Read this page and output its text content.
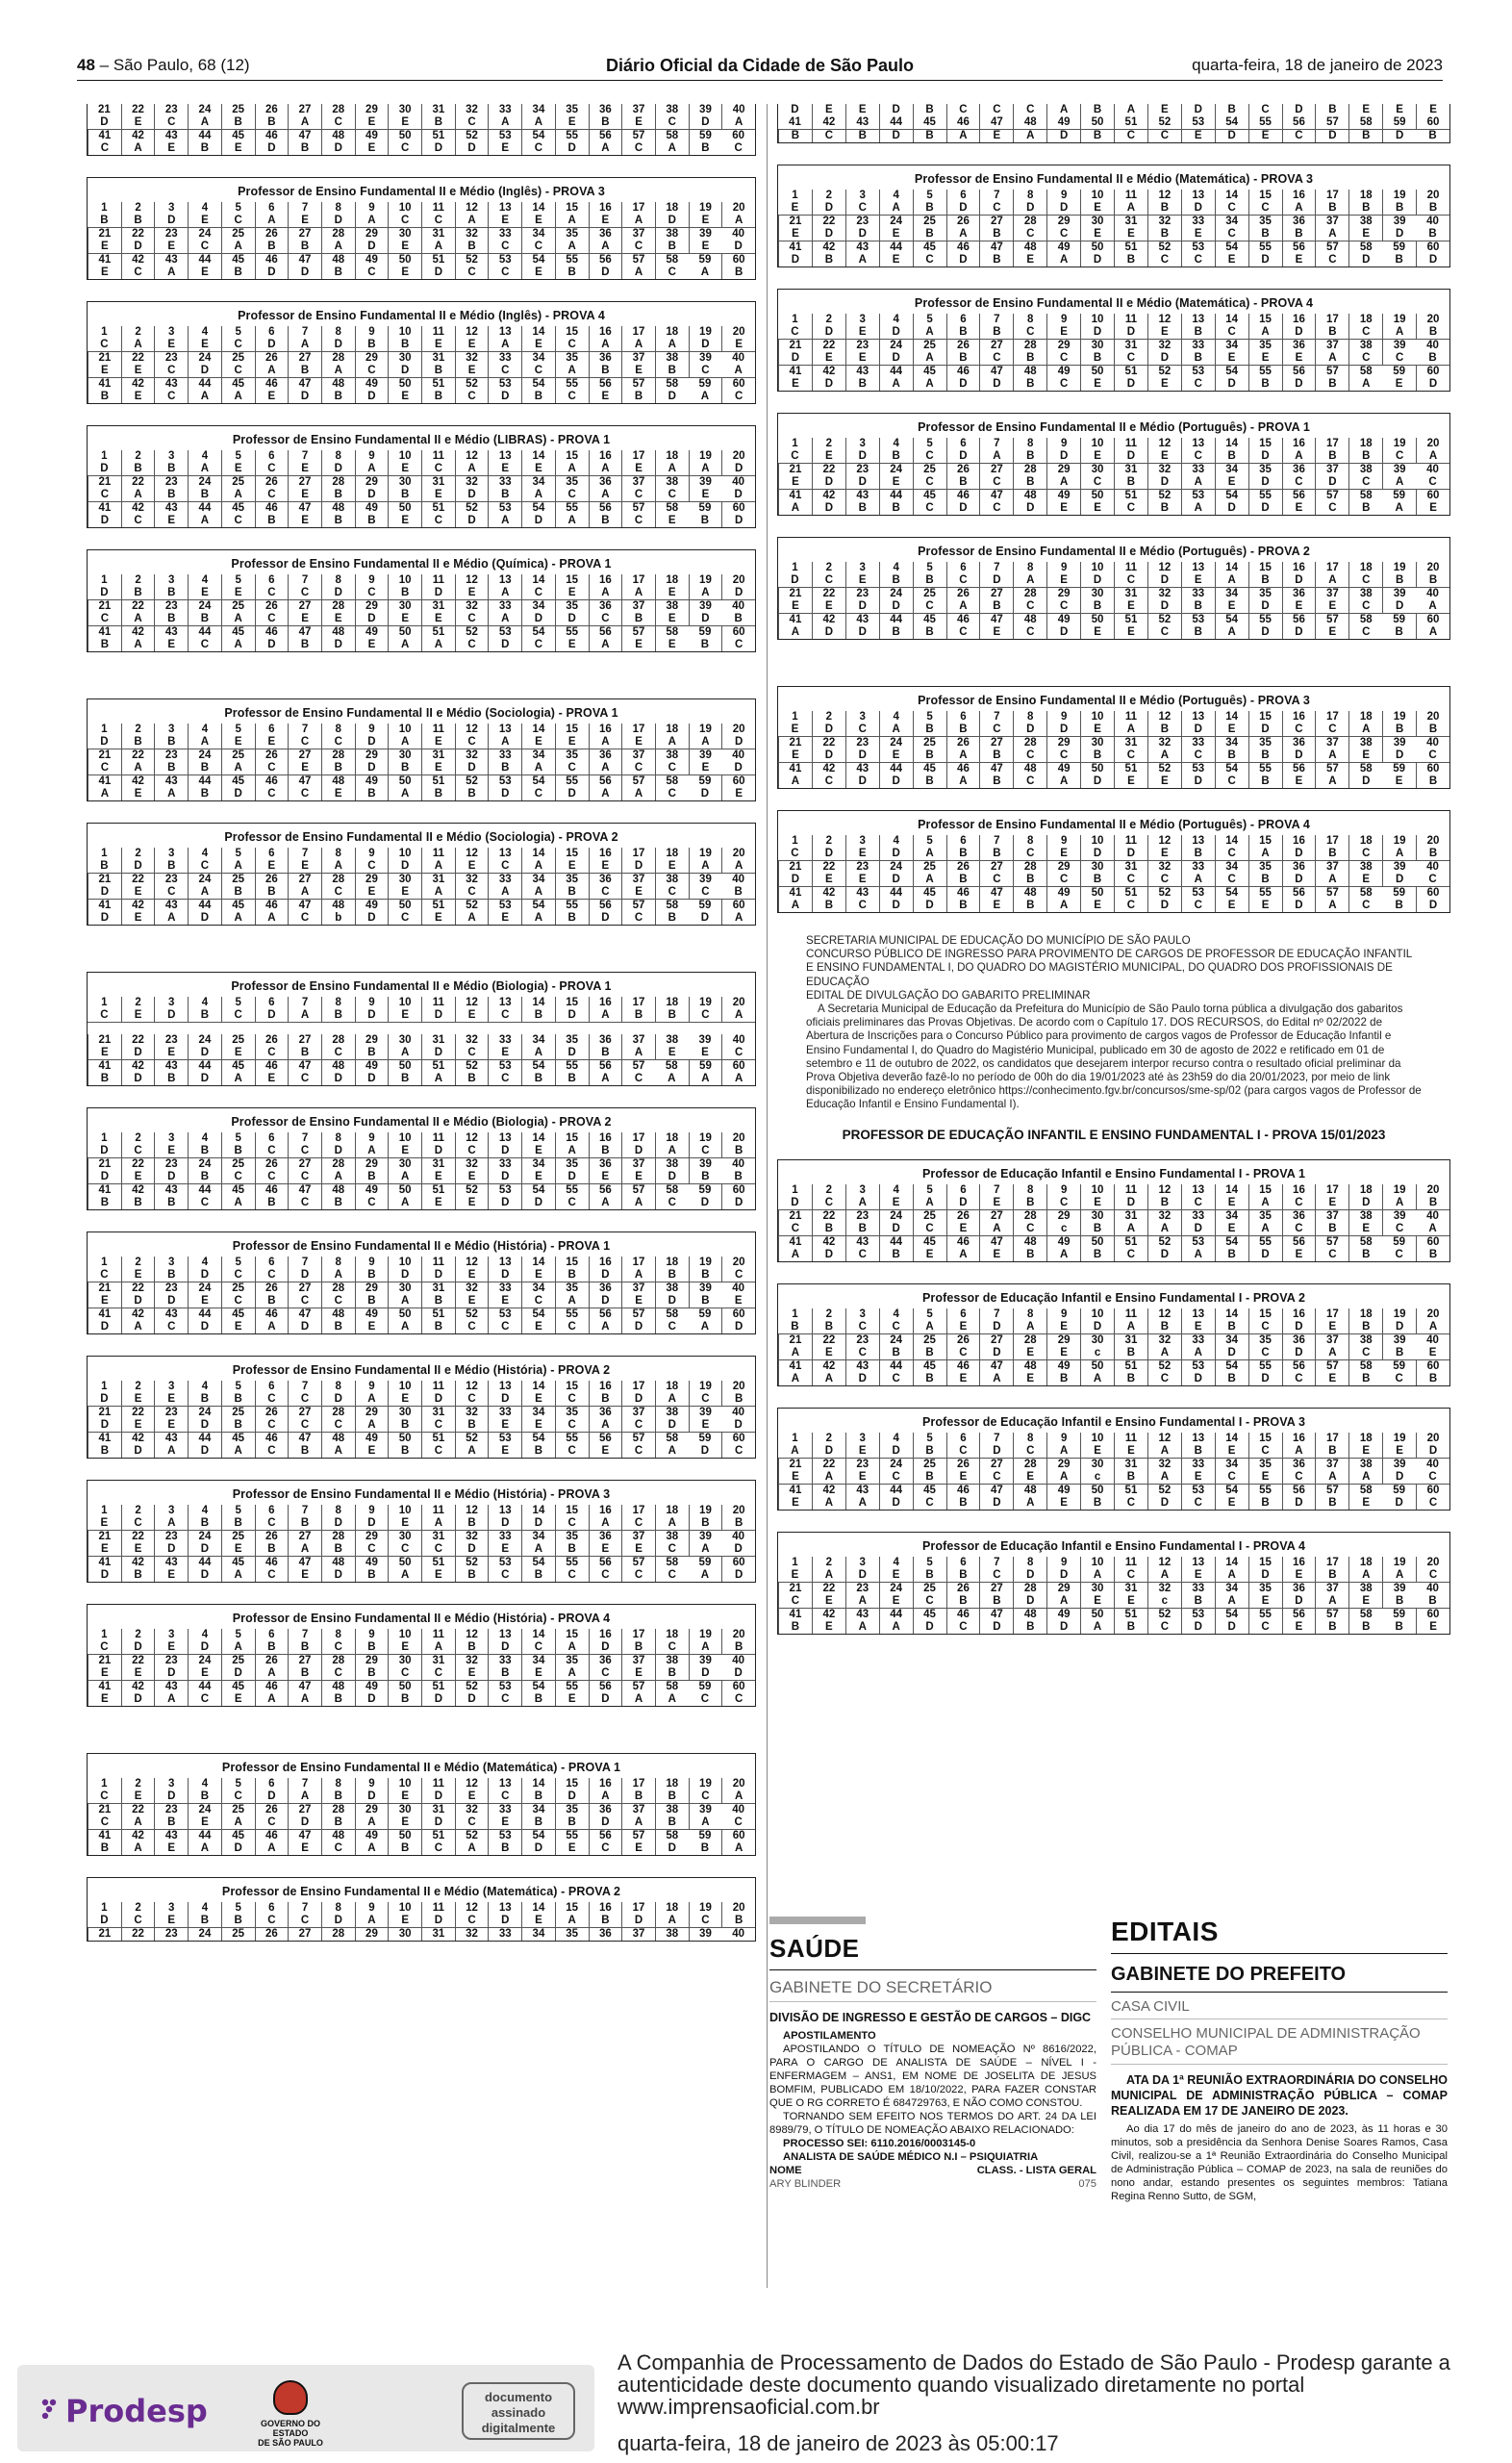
48 – São Paulo, 68 (12)	Diário Oficial da Cidade de São Paulo	quarta-feira, 18 de janeiro de 2023
21	22	23	24	25	26	27	28	29	30	31	32	33	34	35	36	37	38	39	40
D	E	C	A	B	B	A	C	E	E	B	C	A	A	E	B	E	C	D	A
41	42	43	44	45	46	47	48	49	50	51	52	53	54	55	56	57	58	59	60
C	A	E	B	E	D	B	D	E	C	D	D	E	C	D	A	C	A	B	C
Professor de Ensino Fundamental II e Médio (Inglês) - PROVA 3
1	2	3	4	5	6	7	8	9	10	11	12	13	14	15	16	17	18	19	20
B	B	D	E	C	A	E	D	A	C	C	A	E	E	A	E	A	D	E	A
21	22	23	24	25	26	27	28	29	30	31	32	33	34	35	36	37	38	39	40
E	D	E	C	A	B	B	A	D	E	A	B	C	C	A	A	C	B	E	D
41	42	43	44	45	46	47	48	49	50	51	52	53	54	55	56	57	58	59	60
E	C	A	E	B	D	D	B	C	E	D	C	C	E	B	D	A	C	A	B
Professor de Ensino Fundamental II e Médio (Inglês) - PROVA 4
1	2	3	4	5	6	7	8	9	10	11	12	13	14	15	16	17	18	19	20
C	A	E	E	C	D	A	D	B	B	E	E	A	E	C	A	A	A	D	E
21	22	23	24	25	26	27	28	29	30	31	32	33	34	35	36	37	38	39	40
E	E	C	D	C	A	B	A	C	D	B	E	C	C	A	B	E	B	C	A
41	42	43	44	45	46	47	48	49	50	51	52	53	54	55	56	57	58	59	60
B	E	C	A	A	E	D	B	D	E	B	C	D	B	C	E	B	D	A	C
Professor de Ensino Fundamental II e Médio (LIBRAS) - PROVA 1
1	2	3	4	5	6	7	8	9	10	11	12	13	14	15	16	17	18	19	20
D	B	B	A	E	C	E	D	A	E	C	A	E	E	A	A	E	A	A	D
21	22	23	24	25	26	27	28	29	30	31	32	33	34	35	36	37	38	39	40
C	A	B	B	A	C	E	B	D	B	E	D	B	A	C	A	C	C	E	D
41	42	43	44	45	46	47	48	49	50	51	52	53	54	55	56	57	58	59	60
D	C	E	A	C	B	E	B	B	E	C	D	A	D	A	B	C	E	B	D
Professor de Ensino Fundamental II e Médio (Química) - PROVA 1
1	2	3	4	5	6	7	8	9	10	11	12	13	14	15	16	17	18	19	20
D	B	B	E	E	C	C	D	C	B	D	E	A	C	E	A	A	E	A	D
21	22	23	24	25	26	27	28	29	30	31	32	33	34	35	36	37	38	39	40
C	A	B	B	A	C	E	E	D	E	E	C	A	D	D	C	B	E	D	B
41	42	43	44	45	46	47	48	49	50	51	52	53	54	55	56	57	58	59	60
B	A	E	C	A	D	B	D	E	A	A	C	D	C	E	A	E	E	B	C
Professor de Ensino Fundamental II e Médio (Sociologia) - PROVA 1
1	2	3	4	5	6	7	8	9	10	11	12	13	14	15	16	17	18	19	20
D	B	B	A	E	E	C	C	D	A	E	C	A	E	E	A	E	A	A	D
21	22	23	24	25	26	27	28	29	30	31	32	33	34	35	36	37	38	39	40
C	A	B	B	A	C	E	B	D	B	E	D	B	A	C	A	C	C	E	D
41	42	43	44	45	46	47	48	49	50	51	52	53	54	55	56	57	58	59	60
A	E	A	B	D	C	C	E	B	A	B	B	D	C	D	A	A	C	D	E
Professor de Ensino Fundamental II e Médio (Sociologia) - PROVA 2
1	2	3	4	5	6	7	8	9	10	11	12	13	14	15	16	17	18	19	20
B	D	B	C	A	E	E	A	C	D	A	E	C	A	E	E	D	E	A	A
21	22	23	24	25	26	27	28	29	30	31	32	33	34	35	36	37	38	39	40
D	E	C	A	B	B	A	C	E	E	A	C	A	A	B	C	E	C	C	B
41	42	43	44	45	46	47	48	49	50	51	52	53	54	55	56	57	58	59	60
D	E	A	D	A	A	C	b	D	C	E	A	E	A	B	D	C	B	D	A
Professor de Ensino Fundamental II e Médio (Biologia) - PROVA 1
1	2	3	4	5	6	7	8	9	10	11	12	13	14	15	16	17	18	19	20
C	E	D	B	C	D	A	B	D	E	D	E	C	B	D	A	B	B	C	A
21	22	23	24	25	26	27	28	29	30	31	32	33	34	35	36	37	38	39	40
E	D	E	D	E	C	B	C	B	A	D	C	E	A	D	B	A	E	E	C
41	42	43	44	45	46	47	48	49	50	51	52	53	54	55	56	57	58	59	60
B	D	B	D	A	E	C	D	D	B	A	B	C	B	B	A	C	A	A	A
Professor de Ensino Fundamental II e Médio (Biologia) - PROVA 2
1	2	3	4	5	6	7	8	9	10	11	12	13	14	15	16	17	18	19	20
D	C	E	B	B	C	C	D	A	E	D	C	D	E	A	B	D	A	C	B
21	22	23	24	25	26	27	28	29	30	31	32	33	34	35	36	37	38	39	40
D	E	D	B	C	C	C	A	B	A	E	E	D	E	D	E	E	D	B	B
41	42	43	44	45	46	47	48	49	50	51	52	53	54	55	56	57	58	59	60
B	B	B	C	A	B	C	B	C	A	E	E	D	D	C	A	A	C	D	D
Professor de Ensino Fundamental II e Médio (História) - PROVA 1
1	2	3	4	5	6	7	8	9	10	11	12	13	14	15	16	17	18	19	20
C	E	B	D	C	C	D	A	B	D	D	E	D	E	B	D	A	B	B	C
21	22	23	24	25	26	27	28	29	30	31	32	33	34	35	36	37	38	39	40
E	D	D	E	C	B	C	C	B	A	B	E	E	C	A	D	E	D	B	E
41	42	43	44	45	46	47	48	49	50	51	52	53	54	55	56	57	58	59	60
D	A	C	D	E	A	D	B	E	A	B	C	C	E	C	A	D	C	A	D
Professor de Ensino Fundamental II e Médio (História) - PROVA 2
1	2	3	4	5	6	7	8	9	10	11	12	13	14	15	16	17	18	19	20
D	E	E	B	B	C	C	D	A	E	D	C	D	E	C	B	D	A	C	B
21	22	23	24	25	26	27	28	29	30	31	32	33	34	35	36	37	38	39	40
D	E	E	D	B	C	C	C	A	B	C	B	E	E	C	A	C	D	E	D
41	42	43	44	45	46	47	48	49	50	51	52	53	54	55	56	57	58	59	60
B	D	A	D	A	C	B	A	E	B	C	A	E	B	C	E	C	A	D	C
Professor de Ensino Fundamental II e Médio (História) - PROVA 3
1	2	3	4	5	6	7	8	9	10	11	12	13	14	15	16	17	18	19	20
E	C	A	B	B	C	B	D	D	E	A	B	D	D	C	A	C	A	B	B
21	22	23	24	25	26	27	28	29	30	31	32	33	34	35	36	37	38	39	40
E	E	D	D	E	B	A	B	C	C	C	D	E	A	B	E	E	C	A	D
41	42	43	44	45	46	47	48	49	50	51	52	53	54	55	56	57	58	59	60
D	B	E	D	A	C	E	D	B	A	E	B	C	B	C	C	C	C	A	D
Professor de Ensino Fundamental II e Médio (História) - PROVA 4
1	2	3	4	5	6	7	8	9	10	11	12	13	14	15	16	17	18	19	20
C	D	E	D	A	B	B	C	B	E	A	B	D	C	A	D	B	C	A	B
21	22	23	24	25	26	27	28	29	30	31	32	33	34	35	36	37	38	39	40
E	E	D	E	D	A	B	C	B	C	C	E	B	E	A	C	E	B	D	D
41	42	43	44	45	46	47	48	49	50	51	52	53	54	55	56	57	58	59	60
E	D	A	C	E	A	A	B	D	B	D	D	C	B	E	D	A	A	C	C
Professor de Ensino Fundamental II e Médio (Matemática) - PROVA 1
1	2	3	4	5	6	7	8	9	10	11	12	13	14	15	16	17	18	19	20
C	E	D	B	C	D	A	B	D	E	D	E	C	B	D	A	B	B	C	A
21	22	23	24	25	26	27	28	29	30	31	32	33	34	35	36	37	38	39	40
C	A	B	E	A	C	D	B	A	E	D	C	E	B	B	D	A	B	A	C
41	42	43	44	45	46	47	48	49	50	51	52	53	54	55	56	57	58	59	60
B	A	E	A	D	A	E	C	A	B	C	A	B	D	E	C	E	D	B	A
Professor de Ensino Fundamental II e Médio (Matemática) - PROVA 2
1	2	3	4	5	6	7	8	9	10	11	12	13	14	15	16	17	18	19	20
D	C	E	B	B	C	C	D	A	E	D	C	D	E	A	B	D	A	C	B
21	22	23	24	25	26	27	28	29	30	31	32	33	34	35	36	37	38	39	40
D	E	E	D	B	C	C	C	A	B	A	E	D	B	C	D	B	E	E	E
41	42	43	44	45	46	47	48	49	50	51	52	53	54	55	56	57	58	59	60
B	C	B	D	B	A	E	A	D	B	C	C	E	D	E	C	D	B	D	B
Professor de Ensino Fundamental II e Médio (Matemática) - PROVA 3
1	2	3	4	5	6	7	8	9	10	11	12	13	14	15	16	17	18	19	20
E	D	C	A	B	D	C	D	D	E	A	B	D	C	C	A	B	B	B	B
21	22	23	24	25	26	27	28	29	30	31	32	33	34	35	36	37	38	39	40
E	D	D	E	B	A	B	C	C	E	E	B	E	C	B	B	A	E	D	B
41	42	43	44	45	46	47	48	49	50	51	52	53	54	55	56	57	58	59	60
D	B	A	E	C	D	B	E	A	D	B	C	C	E	D	E	C	D	B	D
Professor de Ensino Fundamental II e Médio (Matemática) - PROVA 4
1	2	3	4	5	6	7	8	9	10	11	12	13	14	15	16	17	18	19	20
C	D	E	D	A	B	B	C	E	D	D	E	B	C	A	D	B	C	A	B
21	22	23	24	25	26	27	28	29	30	31	32	33	34	35	36	37	38	39	40
D	E	E	D	A	B	C	B	C	B	C	D	B	E	E	E	A	C	C	B
41	42	43	44	45	46	47	48	49	50	51	52	53	54	55	56	57	58	59	60
E	D	B	A	A	D	D	B	C	E	D	E	C	D	B	D	B	A	E	D
Professor de Ensino Fundamental II e Médio (Português) - PROVA 1
1	2	3	4	5	6	7	8	9	10	11	12	13	14	15	16	17	18	19	20
C	E	D	B	C	D	A	B	D	E	D	E	C	B	D	A	B	B	C	A
21	22	23	24	25	26	27	28	29	30	31	32	33	34	35	36	37	38	39	40
E	D	D	E	C	B	C	B	A	C	B	D	A	E	D	C	D	C	A	C
41	42	43	44	45	46	47	48	49	50	51	52	53	54	55	56	57	58	59	60
A	D	B	B	C	D	C	D	E	E	C	B	A	D	D	E	C	B	A	E
Professor de Ensino Fundamental II e Médio (Português) - PROVA 2
1	2	3	4	5	6	7	8	9	10	11	12	13	14	15	16	17	18	19	20
D	C	E	B	B	C	D	A	E	D	C	D	E	A	B	D	A	C	B	B
21	22	23	24	25	26	27	28	29	30	31	32	33	34	35	36	37	38	39	40
E	E	D	D	C	A	B	C	C	B	E	D	B	E	D	E	E	C	D	A
41	42	43	44	45	46	47	48	49	50	51	52	53	54	55	56	57	58	59	60
A	D	D	B	B	C	E	C	D	E	E	C	B	A	D	D	E	C	B	A
Professor de Ensino Fundamental II e Médio (Português) - PROVA 3
1	2	3	4	5	6	7	8	9	10	11	12	13	14	15	16	17	18	19	20
E	D	C	A	B	B	C	D	D	E	A	B	D	E	D	C	C	A	B	B
21	22	23	24	25	26	27	28	29	30	31	32	33	34	35	36	37	38	39	40
E	D	D	E	B	A	B	C	C	B	C	A	C	B	B	D	A	E	D	C
41	42	43	44	45	46	47	48	49	50	51	52	53	54	55	56	57	58	59	60
A	C	D	D	B	A	B	C	A	D	E	E	D	C	B	E	A	D	E	B
Professor de Ensino Fundamental II e Médio (Português) - PROVA 4
1	2	3	4	5	6	7	8	9	10	11	12	13	14	15	16	17	18	19	20
C	D	E	D	A	B	B	C	E	D	D	E	B	C	A	D	B	C	A	B
21	22	23	24	25	26	27	28	29	30	31	32	33	34	35	36	37	38	39	40
D	E	E	D	A	B	C	B	C	B	C	C	A	C	B	D	A	E	D	C
41	42	43	44	45	46	47	48	49	50	51	52	53	54	55	56	57	58	59	60
A	B	C	D	D	B	E	B	A	E	C	D	C	E	E	D	A	C	B	D
SECRETARIA MUNICIPAL DE EDUCAÇÃO DO MUNICÍPIO DE SÃO PAULO
CONCURSO PÚBLICO DE INGRESSO PARA PROVIMENTO DE CARGOS DE PROFESSOR DE EDUCAÇÃO INFANTIL E ENSINO FUNDAMENTAL I, DO QUADRO DO MAGISTÉRIO MUNICIPAL, DO QUADRO DOS PROFISSIONAIS DE EDUCAÇÃO
EDITAL DE DIVULGAÇÃO DO GABARITO PRELIMINAR
A Secretaria Municipal de Educação da Prefeitura do Município de São Paulo torna pública a divulgação dos gabaritos oficiais preliminares das Provas Objetivas. De acordo com o Capítulo 17. DOS RECURSOS, do Edital nº 02/2022 de Abertura de Inscrições para o Concurso Público para provimento de cargos vagos de Professor de Educação Infantil e Ensino Fundamental I, do Quadro do Magistério Municipal, publicado em 30 de agosto de 2022 e retificado em 01 de setembro e 11 de outubro de 2022, os candidatos que desejarem interpor recurso contra o resultado oficial preliminar da Prova Objetiva deverão fazê-lo no período de 00h do dia 19/01/2023 até às 23h59 do dia 20/01/2023, por meio de link disponibilizado no endereço eletrônico https://conhecimento.fgv.br/concursos/sme-sp/02 (para cargos vagos de Professor de Educação Infantil e Ensino Fundamental I).
PROFESSOR DE EDUCAÇÃO INFANTIL E ENSINO FUNDAMENTAL I - PROVA 15/01/2023
Professor de Educação Infantil e Ensino Fundamental I - PROVA 1
1	2	3	4	5	6	7	8	9	10	11	12	13	14	15	16	17	18	19	20
D	C	A	E	A	D	E	B	C	E	D	B	C	E	A	C	E	D	A	B
21	22	23	24	25	26	27	28	29	30	31	32	33	34	35	36	37	38	39	40
C	B	B	D	C	E	A	C	c	B	A	A	D	E	A	C	B	E	C	A
41	42	43	44	45	46	47	48	49	50	51	52	53	54	55	56	57	58	59	60
A	D	C	B	E	A	E	B	A	B	C	D	A	B	D	E	C	B	C	B
Professor de Educação Infantil e Ensino Fundamental I - PROVA 2
1	2	3	4	5	6	7	8	9	10	11	12	13	14	15	16	17	18	19	20
B	B	C	C	A	E	D	A	E	D	A	B	E	B	C	D	E	B	D	A
21	22	23	24	25	26	27	28	29	30	31	32	33	34	35	36	37	38	39	40
A	E	C	B	B	C	D	E	E	c	B	A	A	D	C	D	A	C	B	E
41	42	43	44	45	46	47	48	49	50	51	52	53	54	55	56	57	58	59	60
A	A	D	C	B	E	A	E	B	A	B	C	D	B	D	C	E	B	C	B
Professor de Educação Infantil e Ensino Fundamental I - PROVA 3
1	2	3	4	5	6	7	8	9	10	11	12	13	14	15	16	17	18	19	20
A	D	E	D	B	C	D	C	A	E	E	A	B	E	C	A	B	E	E	D
21	22	23	24	25	26	27	28	29	30	31	32	33	34	35	36	37	38	39	40
E	A	E	C	B	E	C	E	A	c	B	A	E	C	E	C	A	A	D	C
41	42	43	44	45	46	47	48	49	50	51	52	53	54	55	56	57	58	59	60
E	A	A	D	C	B	D	A	E	B	C	D	C	E	B	D	B	E	D	C
Professor de Educação Infantil e Ensino Fundamental I - PROVA 4
1	2	3	4	5	6	7	8	9	10	11	12	13	14	15	16	17	18	19	20
E	A	D	E	B	B	C	D	D	A	C	A	E	A	D	E	B	A	A	C
21	22	23	24	25	26	27	28	29	30	31	32	33	34	35	36	37	38	39	40
C	E	A	E	C	B	B	D	A	E	E	c	B	A	E	D	A	E	B	B
41	42	43	44	45	46	47	48	49	50	51	52	53	54	55	56	57	58	59	60
B	E	A	A	D	C	D	B	D	A	B	C	D	D	C	E	B	B	B	E
SAÚDE
GABINETE DO SECRETÁRIO
DIVISÃO DE INGRESSO E GESTÃO DE CARGOS – DIGC
APOSTILAMENTO
APOSTILANDO O TÍTULO DE NOMEAÇÃO Nº 8616/2022, PARA O CARGO DE ANALISTA DE SAÚDE – NÍVEL I - ENFERMAGEM – ANS1, EM NOME DE JOSELITA DE JESUS BOMFIM, PUBLICADO EM 18/10/2022, PARA FAZER CONSTAR QUE O RG CORRETO É 684729763, E NÃO COMO CONSTOU.
TORNANDO SEM EFEITO NOS TERMOS DO ART. 24 DA LEI 8989/79, O TÍTULO DE NOMEAÇÃO ABAIXO RELACIONADO:
PROCESSO SEI: 6110.2016/0003145-0
ANALISTA DE SAÚDE MÉDICO N.I – PSIQUIATRIA
NOME	CLASS. - LISTA GERAL
ARY BLINDER	075
EDITAIS
GABINETE DO PREFEITO
CASA CIVIL
CONSELHO MUNICIPAL DE ADMINISTRAÇÃO PÚBLICA - COMAP
ATA DA 1ª REUNIÃO EXTRAORDINÁRIA DO CONSELHO MUNICIPAL DE ADMINISTRAÇÃO PÚBLICA – COMAP REALIZADA EM 17 DE JANEIRO DE 2023.
Ao dia 17 do mês de janeiro do ano de 2023, às 11 horas e 30 minutos, sob a presidência da Senhora Denise Soares Ramos, Casa Civil, realizou-se a 1ª Reunião Extraordinária do Conselho Municipal de Administração Pública – COMAP de 2023, na sala de reuniões do nono andar, estando presentes os seguintes membros: Tatiana Regina Renno Sutto, de SGM,
Prodesp	GOVERNO DO ESTADO
DE SÃO PAULO
documento
assinado
digitalmente
A Companhia de Processamento de Dados do Estado de São Paulo - Prodesp garante a autenticidade deste documento quando visualizado diretamente no portal www.imprensaoficial.com.br
quarta-feira, 18 de janeiro de 2023 às 05:00:17
